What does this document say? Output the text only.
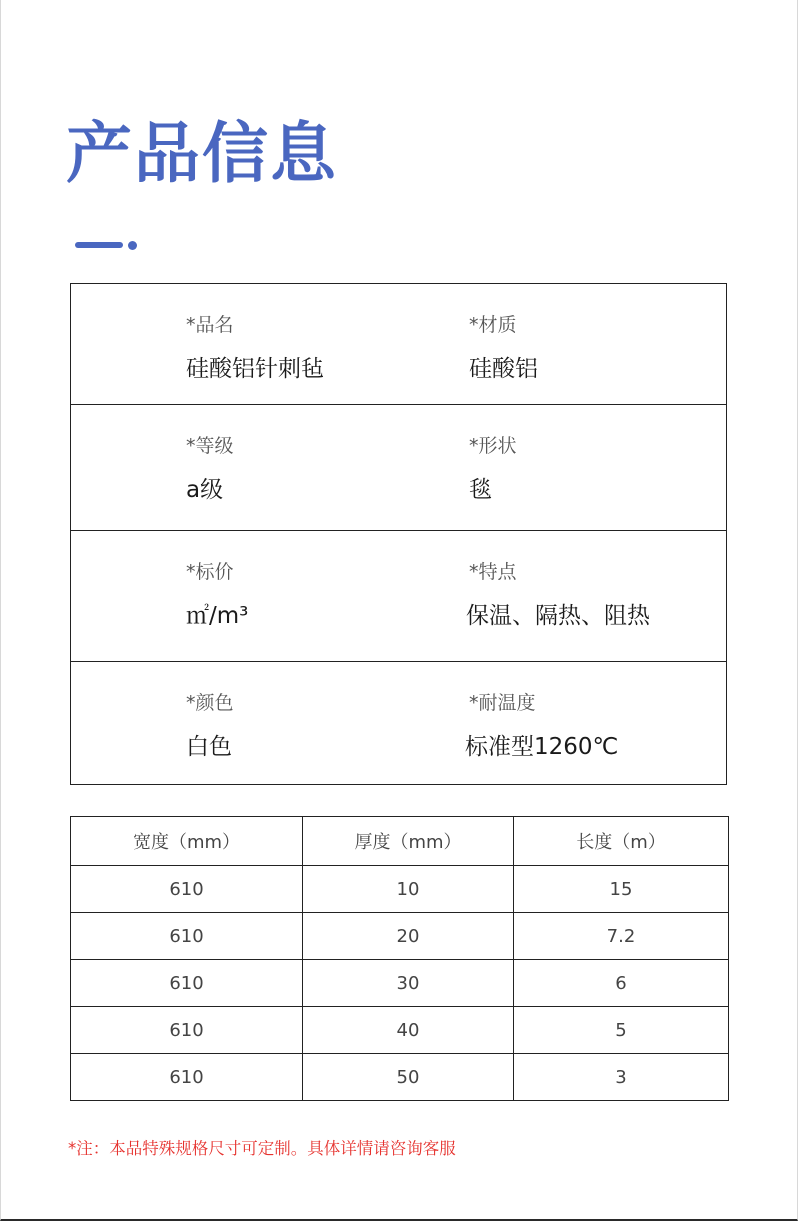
产品信息
*品名
硅酸铝针刺毡
*材质
硅酸铝
*等级
a级
*形状
毯
*标价
㎡/m³
*特点
保温、隔热、阻热
*颜色
白色
*耐温度
标准型1260℃
宽度（mm）	厚度（mm）	长度（m）
610	10	15
610	20	7.2
610	30	6
610	40	5
610	50	3
*注：本品特殊规格尺寸可定制。具体详情请咨询客服
